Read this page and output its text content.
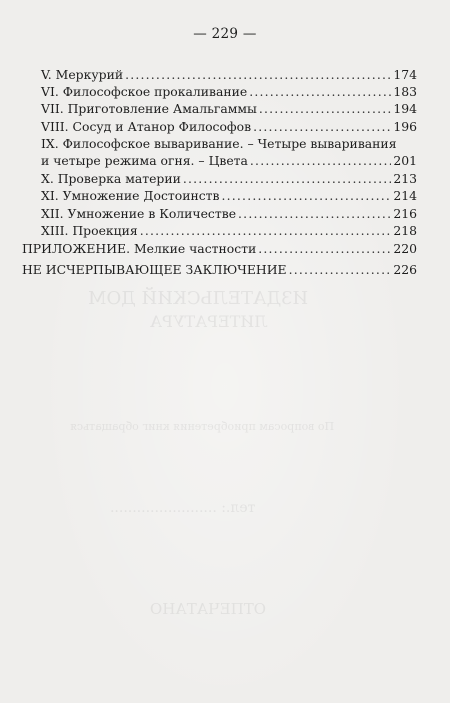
ИЗДАТЕЛЬСКИЙ ДОМ
ЛИТЕРАТУРА
По вопросам приобретения книг обращаться
тел.: ........................
ОТПЕЧАТАНО
— 229 —
V. Меркурий .....	174
VI. Философское прокаливание .....	183
VII. Приготовление Амальгаммы .....	194
VIII. Сосуд и Атанор Философов .....	196
IX. Философское вываривание. – Четыре вываривания
и четыре режима огня. – Цвета .....	201
X. Проверка материи .....	213
XI. Умножение Достоинств .....	214
XII. Умножение в Количестве .....	216
XIII. Проекция .....	218
ПРИЛОЖЕНИЕ. Мелкие частности .....	220
НЕ ИСЧЕРПЫВАЮЩЕЕ ЗАКЛЮЧЕНИЕ .....	226
